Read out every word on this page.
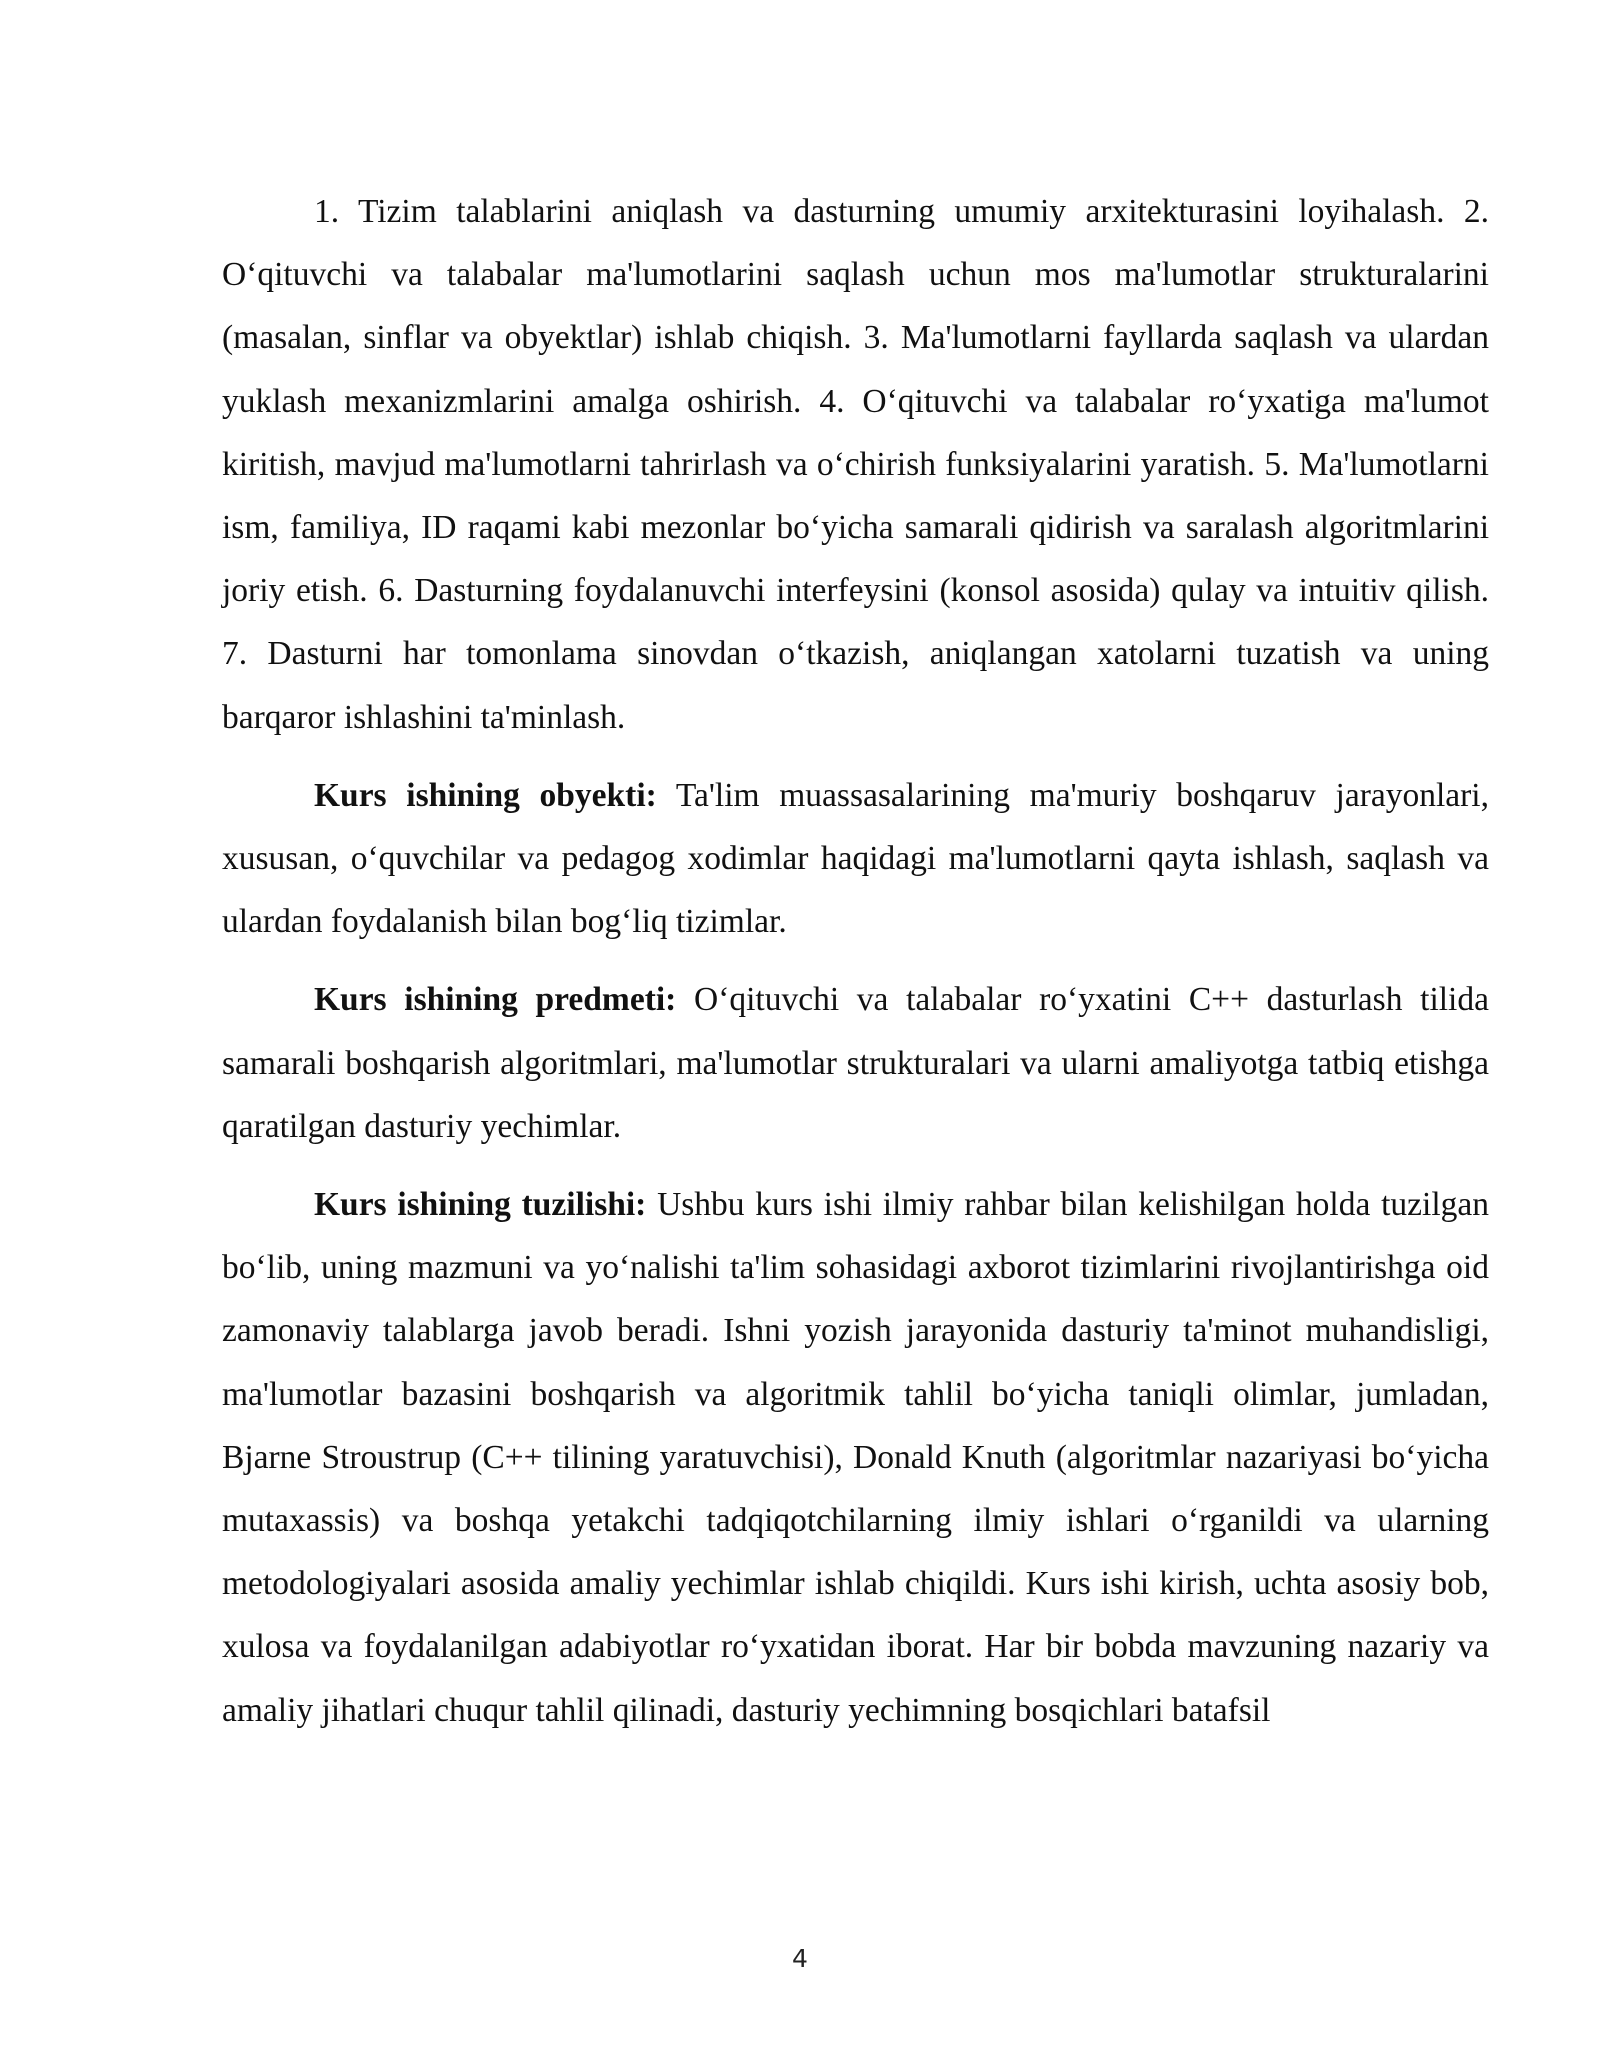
1. Tizim talablarini aniqlash va dasturning umumiy arxitekturasini loyihalash. 2. O‘qituvchi va talabalar ma'lumotlarini saqlash uchun mos ma'lumotlar strukturalarini (masalan, sinflar va obyektlar) ishlab chiqish. 3. Ma'lumotlarni fayllarda saqlash va ulardan yuklash mexanizmlarini amalga oshirish. 4. O‘qituvchi va talabalar ro‘yxatiga ma'lumot kiritish, mavjud ma'lumotlarni tahrirlash va o‘chirish funksiyalarini yaratish. 5. Ma'lumotlarni ism, familiya, ID raqami kabi mezonlar bo‘yicha samarali qidirish va saralash algoritmlarini joriy etish. 6. Dasturning foydalanuvchi interfeysini (konsol asosida) qulay va intuitiv qilish. 7. Dasturni har tomonlama sinovdan o‘tkazish, aniqlangan xatolarni tuzatish va uning barqaror ishlashini ta'minlash.

Kurs ishining obyekti: Ta'lim muassasalarining ma'muriy boshqaruv jarayonlari, xususan, o‘quvchilar va pedagog xodimlar haqidagi ma'lumotlarni qayta ishlash, saqlash va ulardan foydalanish bilan bog‘liq tizimlar.

Kurs ishining predmeti: O‘qituvchi va talabalar ro‘yxatini C++ dasturlash tilida samarali boshqarish algoritmlari, ma'lumotlar strukturalari va ularni amaliyotga tatbiq etishga qaratilgan dasturiy yechimlar.

Kurs ishining tuzilishi: Ushbu kurs ishi ilmiy rahbar bilan kelishilgan holda tuzilgan bo‘lib, uning mazmuni va yo‘nalishi ta'lim sohasidagi axborot tizimlarini rivojlantirishga oid zamonaviy talablarga javob beradi. Ishni yozish jarayonida dasturiy ta'minot muhandisligi, ma'lumotlar bazasini boshqarish va algoritmik tahlil bo‘yicha taniqli olimlar, jumladan, Bjarne Stroustrup (C++ tilining yaratuvchisi), Donald Knuth (algoritmlar nazariyasi bo‘yicha mutaxassis) va boshqa yetakchi tadqiqotchilarning ilmiy ishlari o‘rganildi va ularning metodologiyalari asosida amaliy yechimlar ishlab chiqildi. Kurs ishi kirish, uchta asosiy bob, xulosa va foydalanilgan adabiyotlar ro‘yxatidan iborat. Har bir bobda mavzuning nazariy va amaliy jihatlari chuqur tahlil qilinadi, dasturiy yechimning bosqichlari batafsil

4
